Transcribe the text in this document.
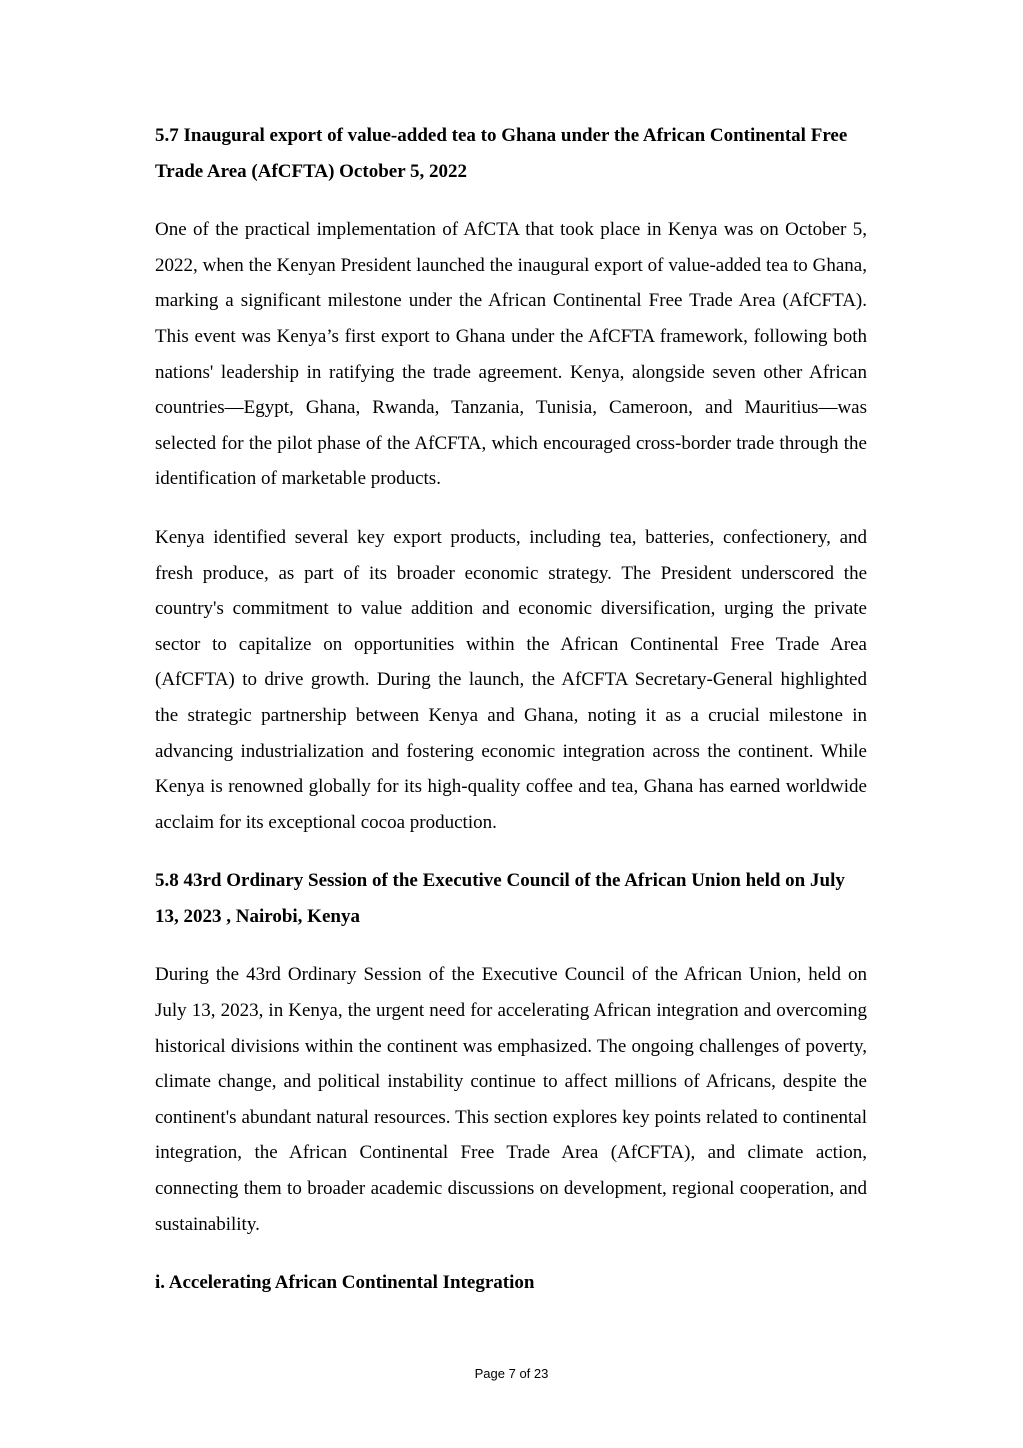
5.7 Inaugural export of value-added tea to Ghana under the African Continental Free Trade Area (AfCFTA) October 5, 2022

One of the practical implementation of AfCTA that took place in Kenya was on October 5, 2022, when the Kenyan President launched the inaugural export of value-added tea to Ghana, marking a significant milestone under the African Continental Free Trade Area (AfCFTA). This event was Kenya’s first export to Ghana under the AfCFTA framework, following both nations' leadership in ratifying the trade agreement. Kenya, alongside seven other African countries—Egypt, Ghana, Rwanda, Tanzania, Tunisia, Cameroon, and Mauritius—was selected for the pilot phase of the AfCFTA, which encouraged cross-border trade through the identification of marketable products.

Kenya identified several key export products, including tea, batteries, confectionery, and fresh produce, as part of its broader economic strategy. The President underscored the country's commitment to value addition and economic diversification, urging the private sector to capitalize on opportunities within the African Continental Free Trade Area (AfCFTA) to drive growth. During the launch, the AfCFTA Secretary-General highlighted the strategic partnership between Kenya and Ghana, noting it as a crucial milestone in advancing industrialization and fostering economic integration across the continent. While Kenya is renowned globally for its high-quality coffee and tea, Ghana has earned worldwide acclaim for its exceptional cocoa production.

5.8 43rd Ordinary Session of the Executive Council of the African Union held on July 13, 2023 , Nairobi, Kenya

During the 43rd Ordinary Session of the Executive Council of the African Union, held on July 13, 2023, in Kenya, the urgent need for accelerating African integration and overcoming historical divisions within the continent was emphasized. The ongoing challenges of poverty, climate change, and political instability continue to affect millions of Africans, despite the continent's abundant natural resources. This section explores key points related to continental integration, the African Continental Free Trade Area (AfCFTA), and climate action, connecting them to broader academic discussions on development, regional cooperation, and sustainability.

i. Accelerating African Continental Integration

Page 7 of 23
